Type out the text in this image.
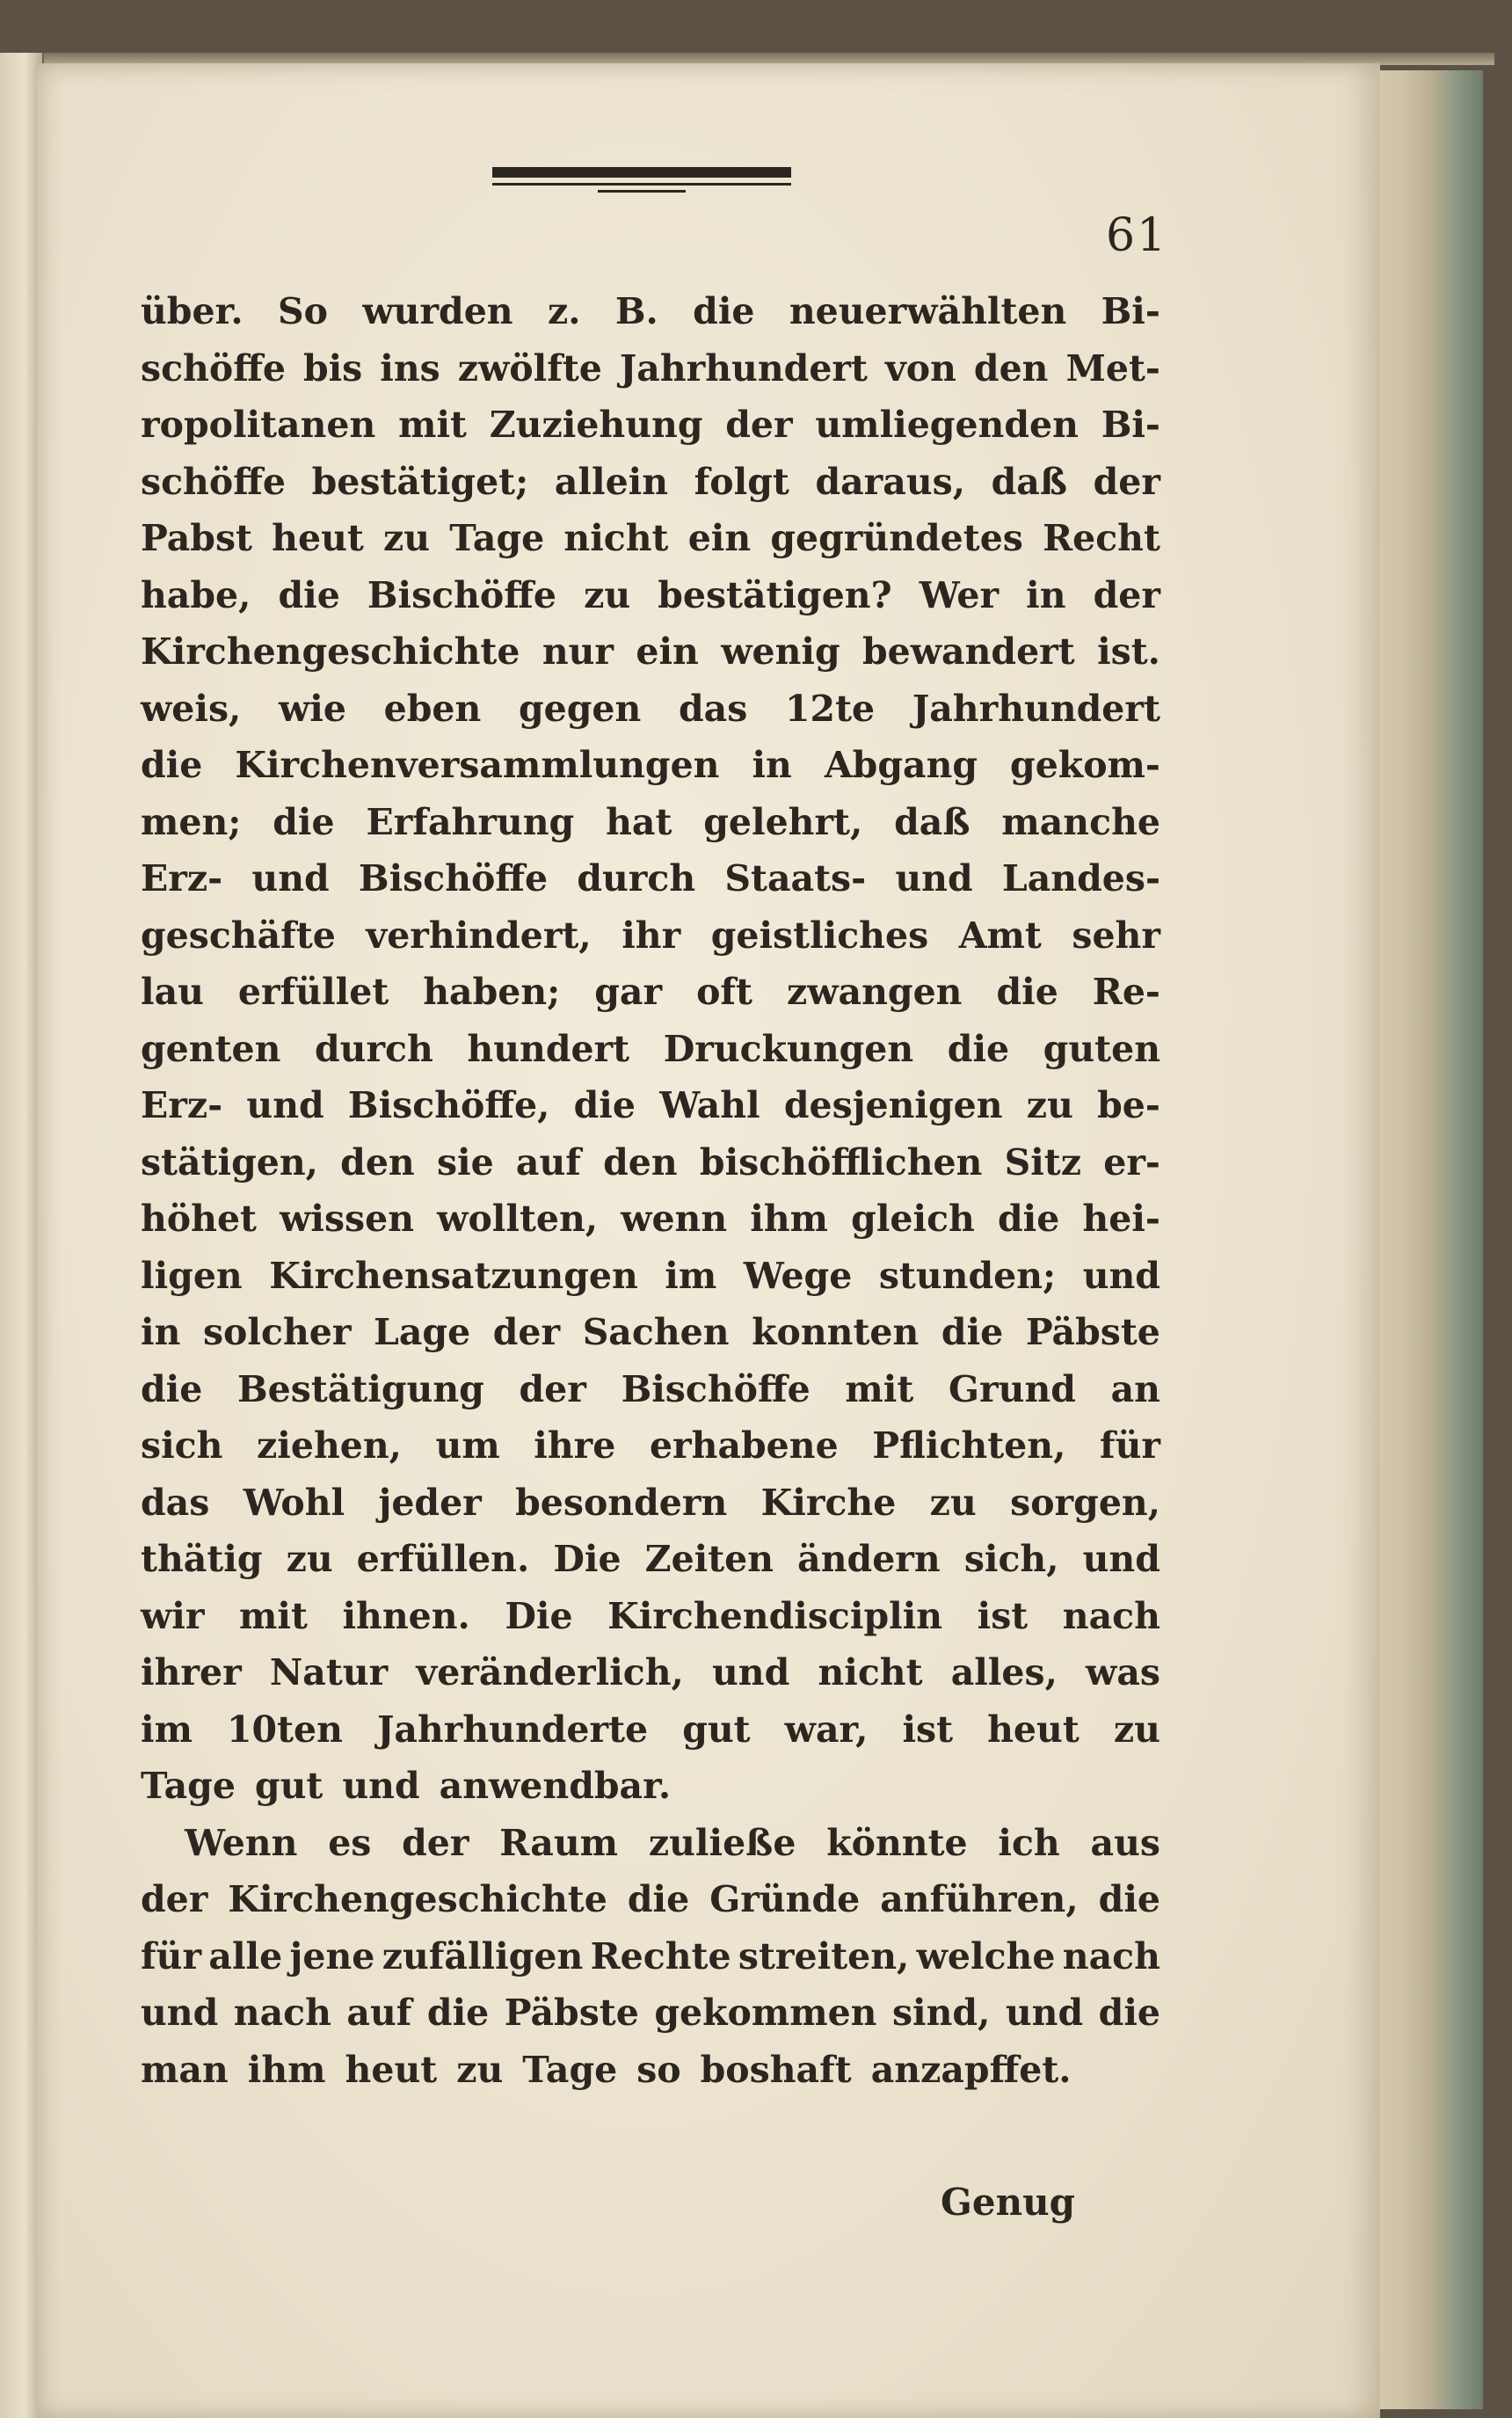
61
über. So wurden z. B. die neuerwählten Bi-
schöffe bis ins zwölfte Jahrhundert von den Met-
ropolitanen mit Zuziehung der umliegenden Bi-
schöffe bestätiget; allein folgt daraus, daß der
Pabst heut zu Tage nicht ein gegründetes Recht
habe, die Bischöffe zu bestätigen? Wer in der
Kirchengeschichte nur ein wenig bewandert ist.
weis, wie eben gegen das 12te Jahrhundert
die Kirchenversammlungen in Abgang gekom-
men; die Erfahrung hat gelehrt, daß manche
Erz- und Bischöffe durch Staats- und Landes-
geschäfte verhindert, ihr geistliches Amt sehr
lau erfüllet haben; gar oft zwangen die Re-
genten durch hundert Druckungen die guten
Erz- und Bischöffe, die Wahl desjenigen zu be-
stätigen, den sie auf den bischöfflichen Sitz er-
höhet wissen wollten, wenn ihm gleich die hei-
ligen Kirchensatzungen im Wege stunden; und
in solcher Lage der Sachen konnten die Päbste
die Bestätigung der Bischöffe mit Grund an
sich ziehen, um ihre erhabene Pflichten, für
das Wohl jeder besondern Kirche zu sorgen,
thätig zu erfüllen. Die Zeiten ändern sich, und
wir mit ihnen. Die Kirchendisciplin ist nach
ihrer Natur veränderlich, und nicht alles, was
im 10ten Jahrhunderte gut war, ist heut zu
Tage gut und anwendbar.
Wenn es der Raum zuließe könnte ich aus
der Kirchengeschichte die Gründe anführen, die
für alle jene zufälligen Rechte streiten, welche nach
und nach auf die Päbste gekommen sind, und die
man ihm heut zu Tage so boshaft anzapffet.
Genug
